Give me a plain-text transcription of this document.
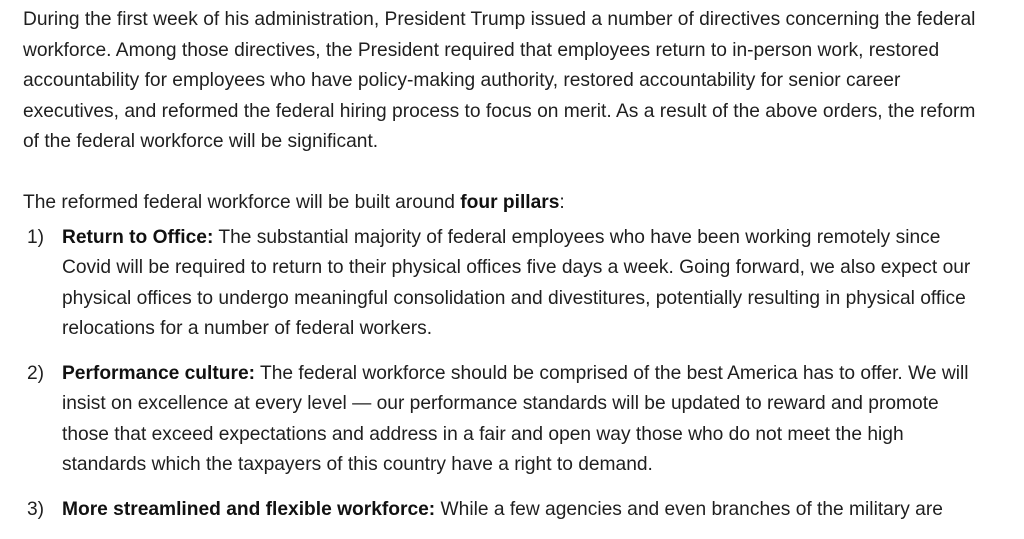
During the first week of his administration, President Trump issued a number of directives concerning the federal
workforce. Among those directives, the President required that employees return to in-person work, restored
accountability for employees who have policy-making authority, restored accountability for senior career
executives, and reformed the federal hiring process to focus on merit. As a result of the above orders, the reform
of the federal workforce will be significant.

The reformed federal workforce will be built around four pillars:

1) Return to Office: The substantial majority of federal employees who have been working remotely since
Covid will be required to return to their physical offices five days a week. Going forward, we also expect our
physical offices to undergo meaningful consolidation and divestitures, potentially resulting in physical office
relocations for a number of federal workers.
2) Performance culture: The federal workforce should be comprised of the best America has to offer. We will
insist on excellence at every level — our performance standards will be updated to reward and promote
those that exceed expectations and address in a fair and open way those who do not meet the high
standards which the taxpayers of this country have a right to demand.
3) More streamlined and flexible workforce: While a few agencies and even branches of the military are
